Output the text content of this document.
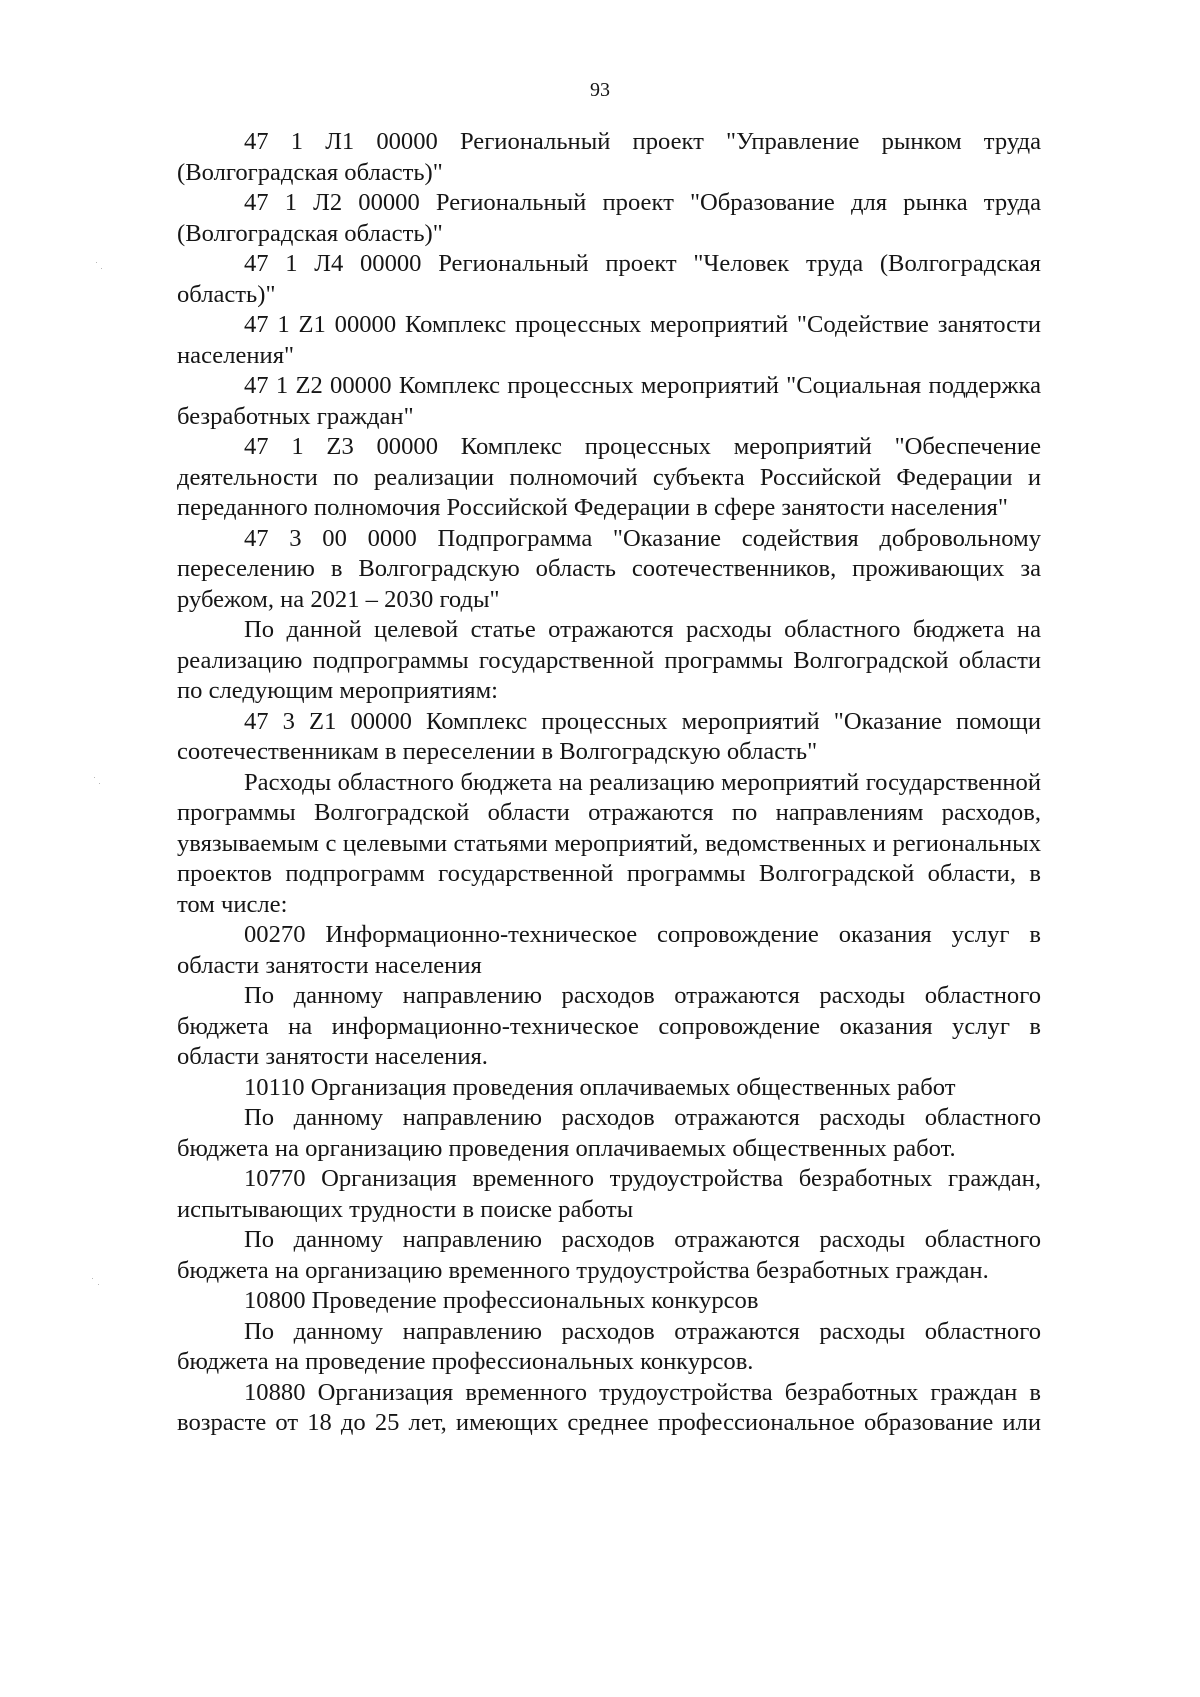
93

47 1 Л1 00000 Региональный проект "Управление рынком труда (Волгоградская область)"

47 1 Л2 00000 Региональный проект "Образование для рынка труда (Волгоградская область)"

47 1 Л4 00000 Региональный проект "Человек труда (Волгоградская область)"

47 1 Z1 00000 Комплекс процессных мероприятий "Содействие занятости населения"

47 1 Z2 00000 Комплекс процессных мероприятий "Социальная поддержка безработных граждан"

47 1 Z3 00000 Комплекс процессных мероприятий "Обеспечение деятельности по реализации полномочий субъекта Российской Федерации и переданного полномочия Российской Федерации в сфере занятости населения"

47 3 00 0000 Подпрограмма "Оказание содействия добровольному переселению в Волгоградскую область соотечественников, проживающих за рубежом, на 2021 – 2030 годы"

По данной целевой статье отражаются расходы областного бюджета на реализацию подпрограммы государственной программы Волгоградской области по следующим мероприятиям:

47 3 Z1 00000 Комплекс процессных мероприятий "Оказание помощи соотечественникам в переселении в Волгоградскую область"

Расходы областного бюджета на реализацию мероприятий государственной программы Волгоградской области отражаются по направлениям расходов, увязываемым с целевыми статьями мероприятий, ведомственных и региональных проектов подпрограмм государственной программы Волгоградской области, в том числе:

00270 Информационно-техническое сопровождение оказания услуг в области занятости населения

По данному направлению расходов отражаются расходы областного бюджета на информационно-техническое сопровождение оказания услуг в области занятости населения.

10110 Организация проведения оплачиваемых общественных работ

По данному направлению расходов отражаются расходы областного бюджета на организацию проведения оплачиваемых общественных работ.

10770 Организация временного трудоустройства безработных граждан, испытывающих трудности в поиске работы

По данному направлению расходов отражаются расходы областного бюджета на организацию временного трудоустройства безработных граждан.

10800 Проведение профессиональных конкурсов

По данному направлению расходов отражаются расходы областного бюджета на проведение профессиональных конкурсов.

10880 Организация временного трудоустройства безработных граждан в возрасте от 18 до 25 лет, имеющих среднее профессиональное образование или
